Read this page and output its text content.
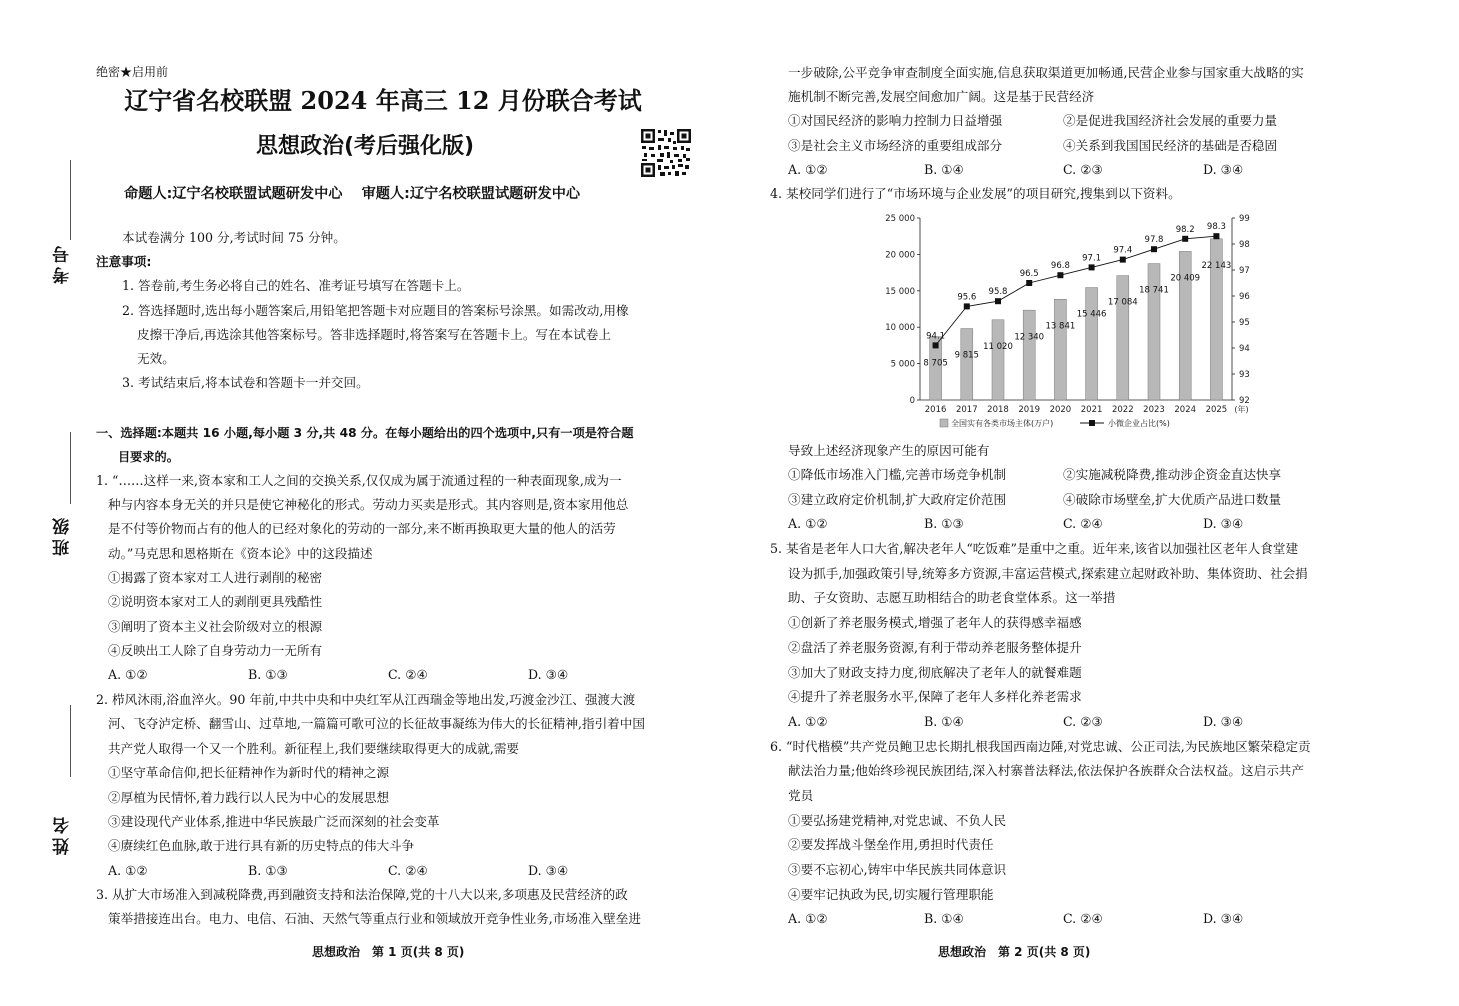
考号
班级
姓名
绝密★启用前
辽宁省名校联盟 2024 年高三 12 月份联合考试
思想政治(考后强化版)
命题人:辽宁名校联盟试题研发中心　 审题人:辽宁名校联盟试题研发中心
本试卷满分 100 分,考试时间 75 分钟。
注意事项:
1. 答卷前,考生务必将自己的姓名、准考证号填写在答题卡上。
2. 答选择题时,选出每小题答案后,用铅笔把答题卡对应题目的答案标号涂黑。如需改动,用橡
皮擦干净后,再选涂其他答案标号。答非选择题时,将答案写在答题卡上。写在本试卷上
无效。
3. 考试结束后,将本试卷和答题卡一并交回。
一、选择题:本题共 16 小题,每小题 3 分,共 48 分。在每小题给出的四个选项中,只有一项是符合题
目要求的。
1. “……这样一来,资本家和工人之间的交换关系,仅仅成为属于流通过程的一种表面现象,成为一
种与内容本身无关的并只是使它神秘化的形式。劳动力买卖是形式。其内容则是,资本家用他总
是不付等价物而占有的他人的已经对象化的劳动的一部分,来不断再换取更大量的他人的活劳
动。”马克思和恩格斯在《资本论》中的这段描述
①揭露了资本家对工人进行剥削的秘密
②说明资本家对工人的剥削更具残酷性
③阐明了资本主义社会阶级对立的根源
④反映出工人除了自身劳动力一无所有
A. ①②	B. ①③	C. ②④	D. ③④
2. 栉风沐雨,浴血淬火。90 年前,中共中央和中央红军从江西瑞金等地出发,巧渡金沙江、强渡大渡
河、飞夺泸定桥、翻雪山、过草地,一篇篇可歌可泣的长征故事凝练为伟大的长征精神,指引着中国
共产党人取得一个又一个胜利。新征程上,我们要继续取得更大的成就,需要
①坚守革命信仰,把长征精神作为新时代的精神之源
②厚植为民情怀,着力践行以人民为中心的发展思想
③建设现代产业体系,推进中华民族最广泛而深刻的社会变革
④赓续红色血脉,敢于进行具有新的历史特点的伟大斗争
A. ①②	B. ①③	C. ②④	D. ③④
3. 从扩大市场准入到减税降费,再到融资支持和法治保障,党的十八大以来,多项惠及民营经济的政
策举措接连出台。电力、电信、石油、天然气等重点行业和领域放开竞争性业务,市场准入壁垒进
思想政治　第 1 页(共 8 页)
一步破除,公平竞争审查制度全面实施,信息获取渠道更加畅通,民营企业参与国家重大战略的实
施机制不断完善,发展空间愈加广阔。这是基于民营经济
①对国民经济的影响力控制力日益增强	②是促进我国经济社会发展的重要力量
③是社会主义市场经济的重要组成部分	④关系到我国国民经济的基础是否稳固
A. ①②	B. ①④	C. ②③	D. ③④
4. 某校同学们进行了“市场环境与企业发展”的项目研究,搜集到以下资料。
导致上述经济现象产生的原因可能有
①降低市场准入门槛,完善市场竞争机制	②实施减税降费,推动涉企资金直达快享
③建立政府定价机制,扩大政府定价范围	④破除市场壁垒,扩大优质产品进口数量
A. ①②	B. ①③	C. ②④	D. ③④
5. 某省是老年人口大省,解决老年人“吃饭难”是重中之重。近年来,该省以加强社区老年人食堂建
设为抓手,加强政策引导,统筹多方资源,丰富运营模式,探索建立起财政补助、集体资助、社会捐
助、子女资助、志愿互助相结合的助老食堂体系。这一举措
①创新了养老服务模式,增强了老年人的获得感幸福感
②盘活了养老服务资源,有利于带动养老服务整体提升
③加大了财政支持力度,彻底解决了老年人的就餐难题
④提升了养老服务水平,保障了老年人多样化养老需求
A. ①②	B. ①④	C. ②③	D. ③④
6. “时代楷模”共产党员鲍卫忠长期扎根我国西南边陲,对党忠诚、公正司法,为民族地区繁荣稳定贡
献法治力量;他始终珍视民族团结,深入村寨普法释法,依法保护各族群众合法权益。这启示共产
党员
①要弘扬建党精神,对党忠诚、不负人民
②要发挥战斗堡垒作用,勇担时代责任
③要不忘初心,铸牢中华民族共同体意识
④要牢记执政为民,切实履行管理职能
A. ①②	B. ①④	C. ②④	D. ③④
思想政治　第 2 页(共 8 页)
0
5 000
10 000
15 000
20 000
25 000
92
93
94
95
96
97
98
99
2016 2017 2018 2019 2020 2021 2022 2023 2024 2025 (年)
8 705
9 815
11 020
12 340
13 841
15 446
17 084
18 741
20 409
22 143
94.1
95.6
95.8
96.5
96.8
97.1
97.4
97.8
98.2 98.3
全国实有各类市场主体(万户)	小微企业占比(%)
